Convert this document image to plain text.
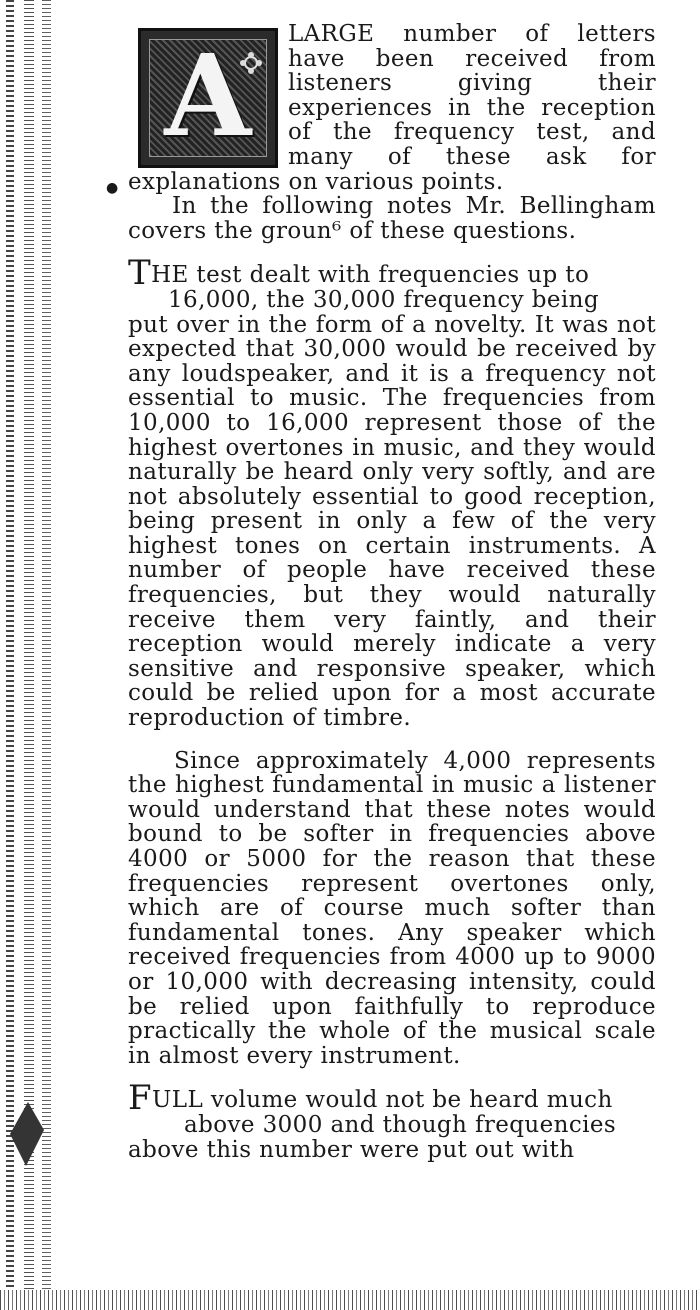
●
A	LARGE number of letters have been received from listeners giving their experiences in the reception of the frequency test, and many of these ask for explanations on various points.

In the following notes Mr. Bellingham covers the groun⁶ of these questions.

THE test dealt with frequencies up to

16,000, the 30,000 frequency being

put over in the form of a novelty. It was not expected that 30,000 would be received by any loudspeaker, and it is a frequency not essential to music. The frequencies from 10,000 to 16,000 represent those of the highest overtones in music, and they would naturally be heard only very softly, and are not absolutely essential to good reception, being present in only a few of the very highest tones on certain instruments. A number of people have received these frequencies, but they would naturally receive them very faintly, and their reception would merely indicate a very sensitive and responsive speaker, which could be relied upon for a most accurate reproduction of timbre.

Since approximately 4,000 represents the highest fundamental in music a listener would understand that these notes would bound to be softer in frequencies above 4000 or 5000 for the reason that these frequencies represent overtones only, which are of course much softer than fundamental tones. Any speaker which received frequencies from 4000 up to 9000 or 10,000 with decreasing intensity, could be relied upon faithfully to reproduce practically the whole of the musical scale in almost every instrument.

FULL volume would not be heard much

above 3000 and though frequencies

above this number were put out with
